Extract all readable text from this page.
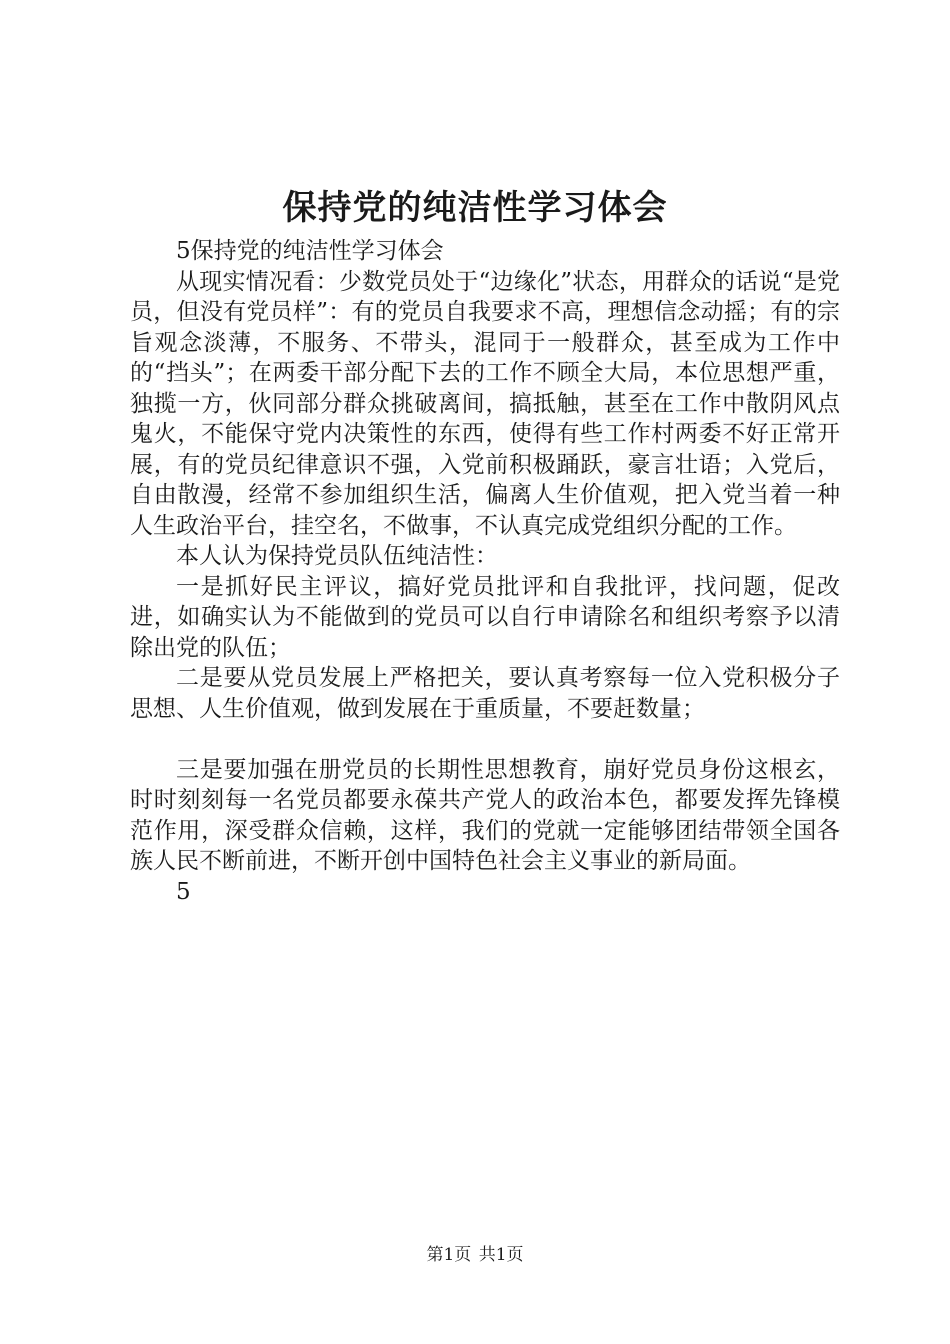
保持党的纯洁性学习体会

5保持党的纯洁性学习体会

从现实情况看：少数党员处于“边缘化”状态，用群众的话说“是党员，但没有党员样”：有的党员自我要求不高，理想信念动摇；有的宗旨观念淡薄，不服务、不带头，混同于一般群众，甚至成为工作中的“挡头”；在两委干部分配下去的工作不顾全大局，本位思想严重，独揽一方，伙同部分群众挑破离间，搞抵触，甚至在工作中散阴风点鬼火，不能保守党内决策性的东西，使得有些工作村两委不好正常开展，有的党员纪律意识不强，入党前积极踊跃，豪言壮语；入党后，自由散漫，经常不参加组织生活，偏离人生价值观，把入党当着一种人生政治平台，挂空名，不做事，不认真完成党组织分配的工作。

本人认为保持党员队伍纯洁性：

一是抓好民主评议，搞好党员批评和自我批评，找问题，促改进，如确实认为不能做到的党员可以自行申请除名和组织考察予以清除出党的队伍；

二是要从党员发展上严格把关，要认真考察每一位入党积极分子思想、人生价值观，做到发展在于重质量，不要赶数量；

三是要加强在册党员的长期性思想教育，崩好党员身份这根玄，时时刻刻每一名党员都要永葆共产党人的政治本色，都要发挥先锋模范作用，深受群众信赖，这样，我们的党就一定能够团结带领全国各族人民不断前进，不断开创中国特色社会主义事业的新局面。

5

第1页 共1页
